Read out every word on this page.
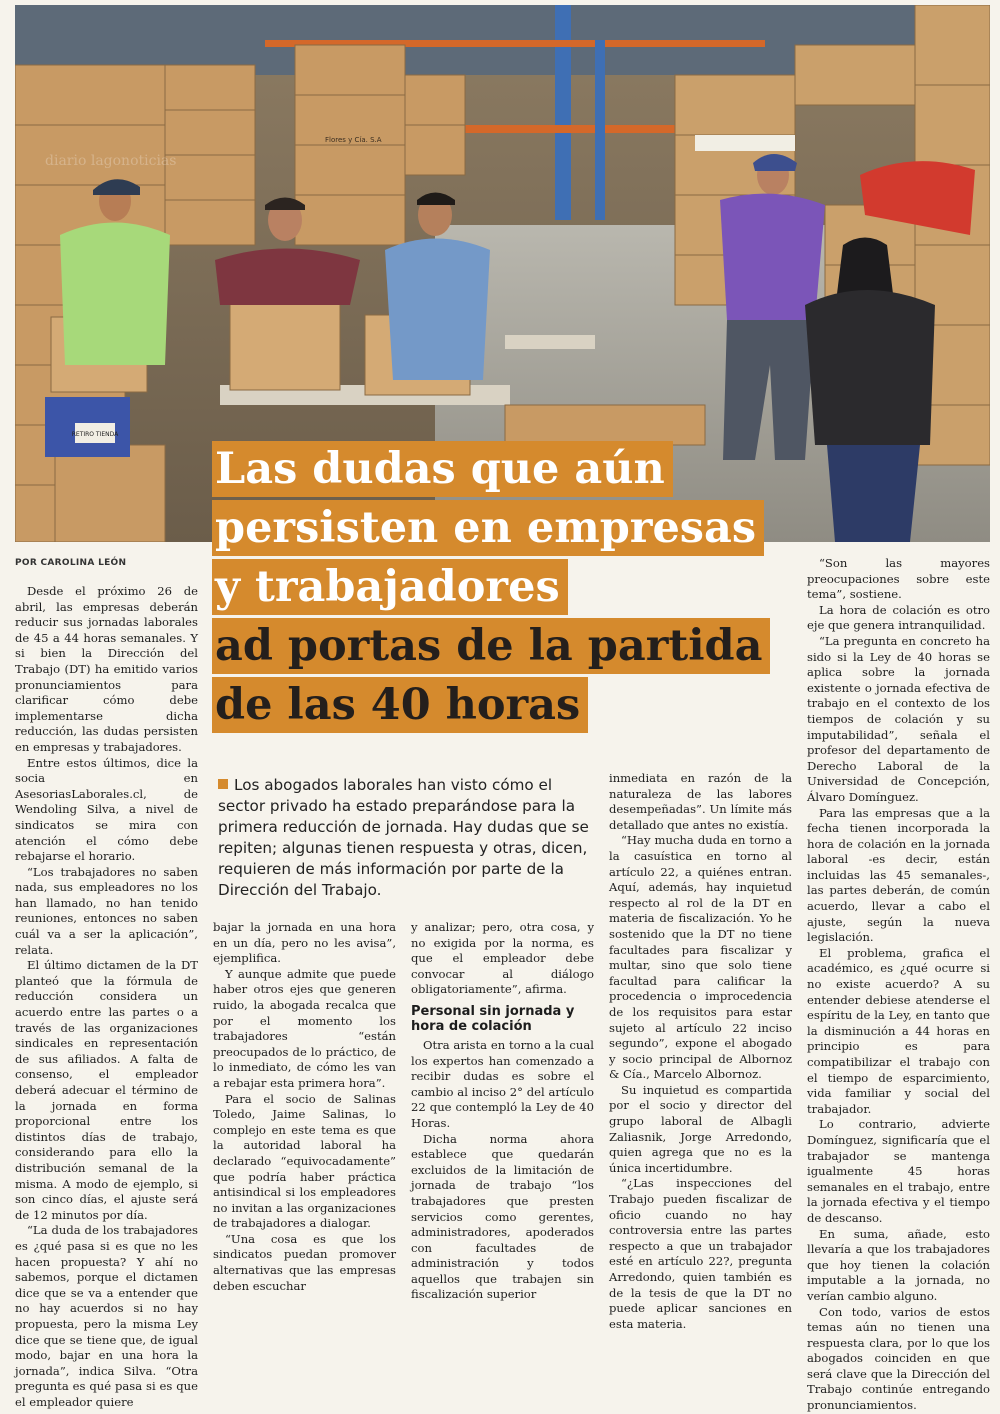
RETIRO TIENDA
diario lagonoticias
Flores y Cía. S.A
Las dudas que aún
persisten en empresas
y trabajadores
ad portas de la partida
de las 40 horas
POR CAROLINA LEÓN
Los abogados laborales han visto cómo el sector privado ha estado preparándose para la primera reducción de jornada. Hay dudas que se repiten; algunas tienen respuesta y otras, dicen, requieren de más información por parte de la Dirección del Trabajo.

Desde el próximo 26 de abril, las empresas deberán reducir sus jornadas laborales de 45 a 44 horas semanales. Y si bien la Dirección del Trabajo (DT) ha emitido varios pronunciamientos para clarificar cómo debe implementarse dicha reducción, las dudas persisten en empresas y trabajadores.

Entre estos últimos, dice la socia en AsesoriasLaborales.cl, de Wendoling Silva, a nivel de sindicatos se mira con atención el cómo debe rebajarse el horario.

“Los trabajadores no saben nada, sus empleadores no los han llamado, no han tenido reuniones, entonces no saben cuál va a ser la aplicación”, relata.

El último dictamen de la DT planteó que la fórmula de reducción considera un acuerdo entre las partes o a través de las organizaciones sindicales en representación de sus afiliados. A falta de consenso, el empleador deberá adecuar el término de la jornada en forma proporcional entre los distintos días de trabajo, considerando para ello la distribución semanal de la misma. A modo de ejemplo, si son cinco días, el ajuste será de 12 minutos por día.

“La duda de los trabajadores es ¿qué pasa si es que no les hacen propuesta? Y ahí no sabemos, porque el dictamen dice que se va a entender que no hay acuerdos si no hay propuesta, pero la misma Ley dice que se tiene que, de igual modo, bajar en una hora la jornada”, indica Silva. “Otra pregunta es qué pasa si es que el empleador quiere

bajar la jornada en una hora en un día, pero no les avisa”, ejemplifica.

Y aunque admite que puede haber otros ejes que generen ruido, la abogada recalca que por el momento los trabajadores “están preocupados de lo práctico, de lo inmediato, de cómo les van a rebajar esta primera hora”.

Para el socio de Salinas Toledo, Jaime Salinas, lo complejo en este tema es que la autoridad laboral ha declarado “equivocadamente” que podría haber práctica antisindical si los empleadores no invitan a las organizaciones de trabajadores a dialogar.

“Una cosa es que los sindicatos puedan promover alternativas que las empresas deben escuchar

y analizar; pero, otra cosa, y no exigida por la norma, es que el empleador debe convocar al diálogo obligatoriamente”, afirma.

Personal sin jornada y hora de colación

Otra arista en torno a la cual los expertos han comenzado a recibir dudas es sobre el cambio al inciso 2° del artículo 22 que contempló la Ley de 40 Horas.

Dicha norma ahora establece que quedarán excluidos de la limitación de jornada de trabajo “los trabajadores que presten servicios como gerentes, administradores, apoderados con facultades de administración y todos aquellos que trabajen sin fiscalización superior

inmediata en razón de la naturaleza de las labores desempeñadas”. Un límite más detallado que antes no existía.

“Hay mucha duda en torno a la casuística en torno al artículo 22, a quiénes entran. Aquí, además, hay inquietud respecto al rol de la DT en materia de fiscalización. Yo he sostenido que la DT no tiene facultades para fiscalizar y multar, sino que solo tiene facultad para calificar la procedencia o improcedencia de los requisitos para estar sujeto al artículo 22 inciso segundo”, expone el abogado y socio principal de Albornoz & Cía., Marcelo Albornoz.

Su inquietud es compartida por el socio y director del grupo laboral de Albagli Zaliasnik, Jorge Arredondo, quien agrega que no es la única incertidumbre.

“¿Las inspecciones del Trabajo pueden fiscalizar de oficio cuando no hay controversia entre las partes respecto a que un trabajador esté en artículo 22?, pregunta Arredondo, quien también es de la tesis de que la DT no puede aplicar sanciones en esta materia.

“Son las mayores preocupaciones sobre este tema”, sostiene.

La hora de colación es otro eje que genera intranquilidad.

“La pregunta en concreto ha sido si la Ley de 40 horas se aplica sobre la jornada existente o jornada efectiva de trabajo en el contexto de los tiempos de colación y su imputabilidad”, señala el profesor del departamento de Derecho Laboral de la Universidad de Concepción, Álvaro Domínguez.

Para las empresas que a la fecha tienen incorporada la hora de colación en la jornada laboral -es decir, están incluidas las 45 semanales-, las partes deberán, de común acuerdo, llevar a cabo el ajuste, según la nueva legislación.

El problema, grafica el académico, es ¿qué ocurre si no existe acuerdo? A su entender debiese atenderse el espíritu de la Ley, en tanto que la disminución a 44 horas en principio es para compatibilizar el trabajo con el tiempo de esparcimiento, vida familiar y social del trabajador.

Lo contrario, advierte Domínguez, significaría que el trabajador se mantenga igualmente 45 horas semanales en el trabajo, entre la jornada efectiva y el tiempo de descanso.

En suma, añade, esto llevaría a que los trabajadores que hoy tienen la colación imputable a la jornada, no verían cambio alguno.

Con todo, varios de estos temas aún no tienen una respuesta clara, por lo que los abogados coinciden en que será clave que la Dirección del Trabajo continúe entregando pronunciamientos.
